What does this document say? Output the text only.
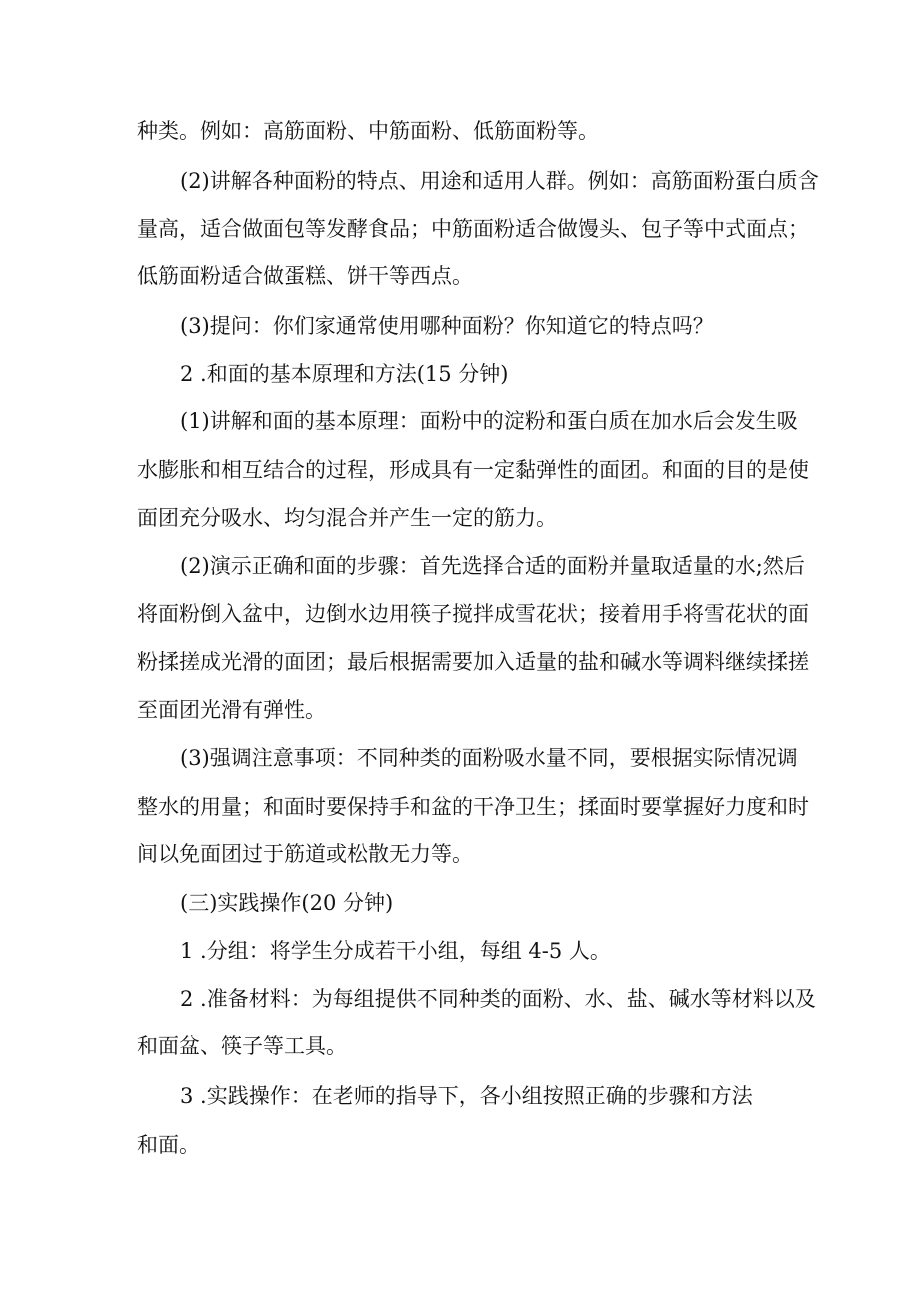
种类。例如：高筋面粉、中筋面粉、低筋面粉等。

(2)讲解各种面粉的特点、用途和适用人群。例如：高筋面粉蛋白质含

量高，适合做面包等发酵食品；中筋面粉适合做馒头、包子等中式面点；

低筋面粉适合做蛋糕、饼干等西点。

(3)提问：你们家通常使用哪种面粉？你知道它的特点吗？

2 .和面的基本原理和方法(15 分钟)

(1)讲解和面的基本原理：面粉中的淀粉和蛋白质在加水后会发生吸

水膨胀和相互结合的过程，形成具有一定黏弹性的面团。和面的目的是使

面团充分吸水、均匀混合并产生一定的筋力。

(2)演示正确和面的步骤：首先选择合适的面粉并量取适量的水;然后

将面粉倒入盆中，边倒水边用筷子搅拌成雪花状；接着用手将雪花状的面

粉揉搓成光滑的面团；最后根据需要加入适量的盐和碱水等调料继续揉搓

至面团光滑有弹性。

(3)强调注意事项：不同种类的面粉吸水量不同，要根据实际情况调

整水的用量；和面时要保持手和盆的干净卫生；揉面时要掌握好力度和时

间以免面团过于筋道或松散无力等。

(三)实践操作(20 分钟)

1 .分组：将学生分成若干小组，每组 4-5 人。

2 .准备材料：为每组提供不同种类的面粉、水、盐、碱水等材料以及

和面盆、筷子等工具。

3 .实践操作：在老师的指导下，各小组按照正确的步骤和方法

和面。
